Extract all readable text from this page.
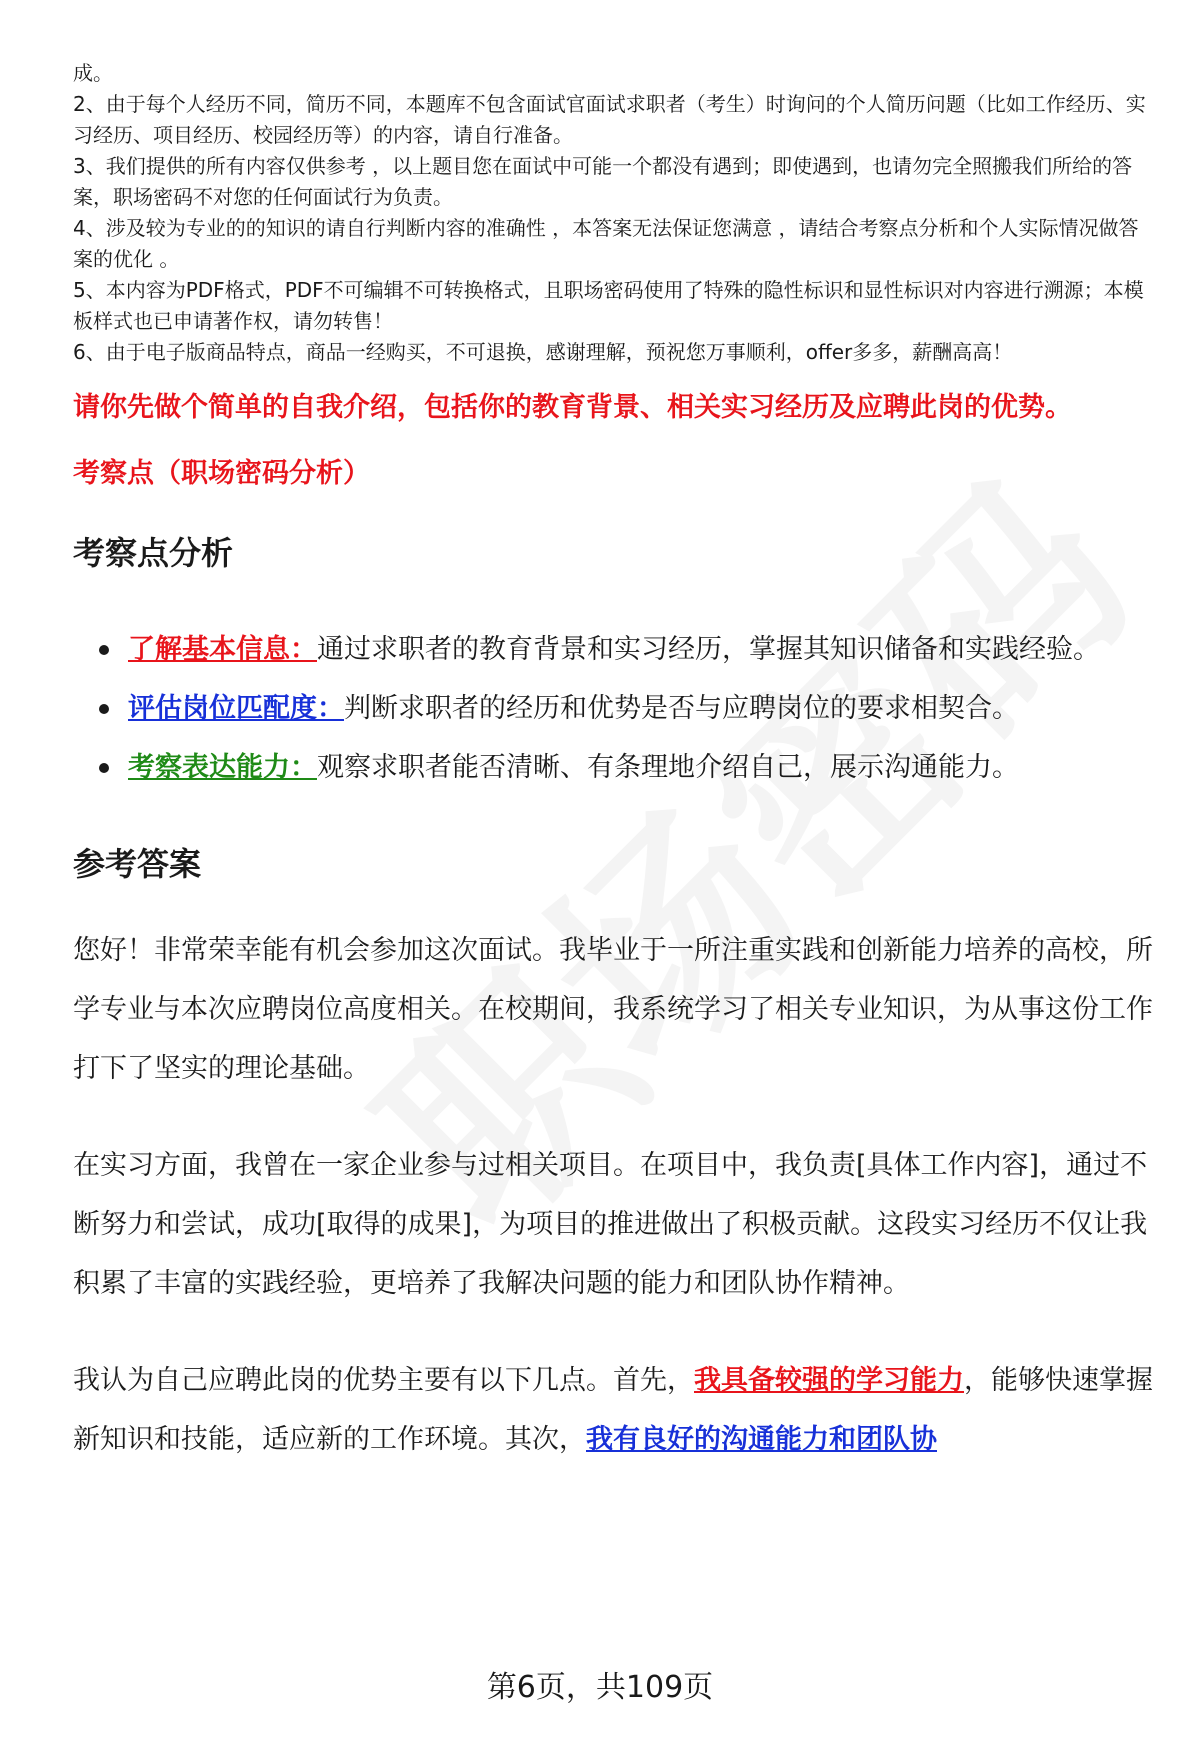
成。

2、由于每个人经历不同，简历不同，本题库不包含面试官面试求职者（考生）时询问的个人简历问题（比如工作经历、实习经历、项目经历、校园经历等）的内容，请自行准备。

3、我们提供的所有内容仅供参考 ，以上题目您在面试中可能一个都没有遇到；即使遇到，也请勿完全照搬我们所给的答案，职场密码不对您的任何面试行为负责。

4、涉及较为专业的的知识的请自行判断内容的准确性 ，本答案无法保证您满意 ，请结合考察点分析和个人实际情况做答案的优化 。

5、本内容为PDF格式，PDF不可编辑不可转换格式，且职场密码使用了特殊的隐性标识和显性标识对内容进行溯源；本模板样式也已申请著作权，请勿转售！

6、由于电子版商品特点，商品一经购买，不可退换，感谢理解，预祝您万事顺利，offer多多，薪酬高高！

请你先做个简单的自我介绍，包括你的教育背景、相关实习经历及应聘此岗的优势。
考察点（职场密码分析）
考察点分析
了解基本信息：通过求职者的教育背景和实习经历，掌握其知识储备和实践经验。
评估岗位匹配度：判断求职者的经历和优势是否与应聘岗位的要求相契合。
考察表达能力：观察求职者能否清晰、有条理地介绍自己，展示沟通能力。
参考答案

您好！非常荣幸能有机会参加这次面试。我毕业于一所注重实践和创新能力培养的高校，所学专业与本次应聘岗位高度相关。在校期间，我系统学习了相关专业知识，为从事这份工作打下了坚实的理论基础。

在实习方面，我曾在一家企业参与过相关项目。在项目中，我负责[具体工作内容]，通过不断努力和尝试，成功[取得的成果]，为项目的推进做出了积极贡献。这段实习经历不仅让我积累了丰富的实践经验，更培养了我解决问题的能力和团队协作精神。

我认为自己应聘此岗的优势主要有以下几点。首先，我具备较强的学习能力，能够快速掌握新知识和技能，适应新的工作环境。其次，我有良好的沟通能力和团队协

第6页，共109页
